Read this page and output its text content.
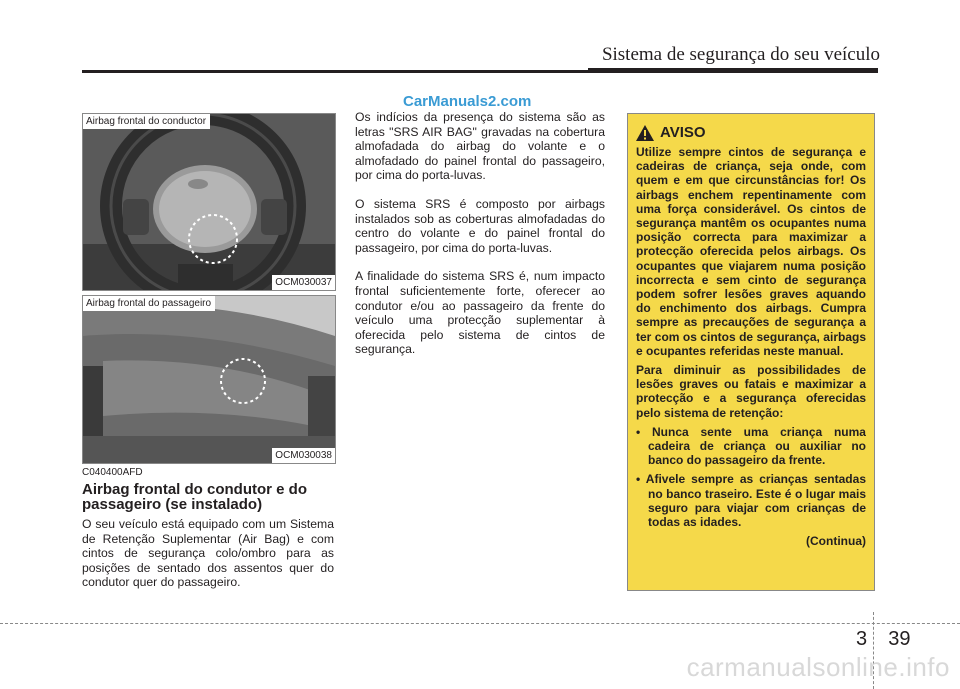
Sistema de segurança do seu veículo
CarManuals2.com
Airbag frontal do conductor
OCM030037
Airbag frontal do passageiro
OCM030038
C040400AFD
Airbag frontal do condutor e do passageiro (se instalado)

O seu veículo está equipado com um Sistema de Retenção Suplementar (Air Bag) e com cintos de segurança colo/ombro para as posições de sentado dos assentos quer do condutor quer do passageiro.

Os indícios da presença do sistema são as letras "SRS AIR BAG" gravadas na cobertura almofadada do airbag do volante e o almofadado do painel frontal do passageiro, por cima do porta-luvas.

O sistema SRS é composto por airbags instalados sob as coberturas almofadadas do centro do volante e do painel frontal do passageiro, por cima do porta-luvas.

A finalidade do sistema SRS é, num impacto frontal suficientemente forte, oferecer ao condutor e/ou ao passageiro da frente do veículo uma protecção suplementar à oferecida pelo sistema de cintos de segurança.

AVISO

Utilize sempre cintos de segurança e cadeiras de criança, seja onde, com quem e em que circunstâncias for! Os airbags enchem repentinamente com uma força considerável. Os cintos de segurança mantêm os ocupantes numa posição correcta para maximizar a protecção oferecida pelos airbags. Os ocupantes que viajarem numa posição incorrecta e sem cinto de segurança podem sofrer lesões graves aquando do enchimento dos airbags. Cumpra sempre as precauções de segurança a ter com os cintos de segurança, airbags e ocupantes referidas neste manual.

Para diminuir as possibilidades de lesões graves ou fatais e maximizar a protecção e a segurança oferecidas pelo sistema de retenção:

• Nunca sente uma criança numa cadeira de criança ou auxiliar no banco do passageiro da frente.
• Afivele sempre as crianças sentadas no banco traseiro. Este é o lugar mais seguro para viajar com crianças de todas as idades.
(Continua)
3 39
carmanualsonline.info
